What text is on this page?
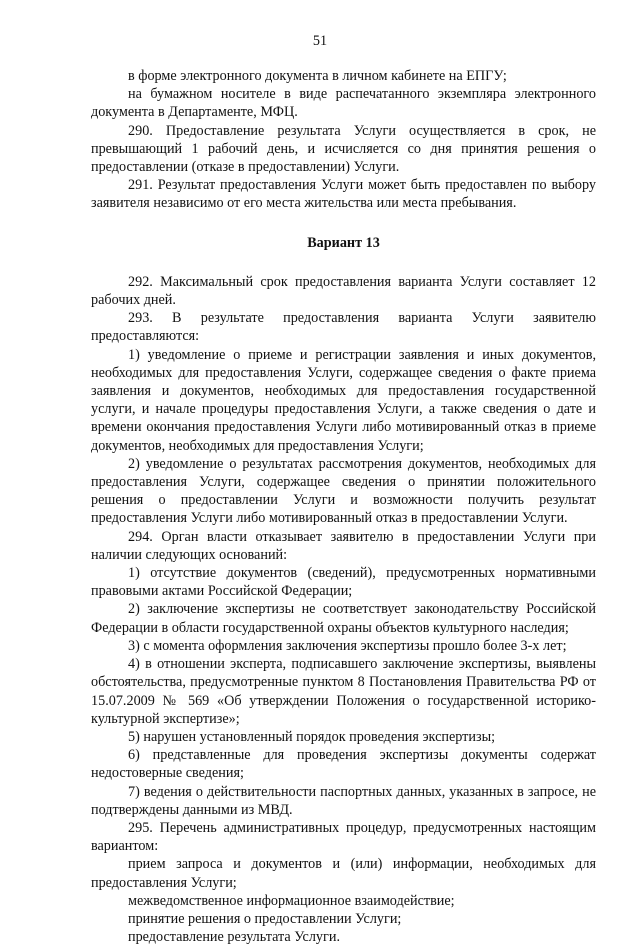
51

в форме электронного документа в личном кабинете на ЕПГУ;

на бумажном носителе в виде распечатанного экземпляра электронного документа в Департаменте, МФЦ.

290. Предоставление результата Услуги осуществляется в срок, не превышающий 1 рабочий день, и исчисляется со дня принятия решения о предоставлении (отказе в предоставлении) Услуги.

291. Результат предоставления Услуги может быть предоставлен по выбору заявителя независимо от его места жительства или места пребывания.

Вариант 13

292. Максимальный срок предоставления варианта Услуги составляет 12 рабочих дней.

293. В результате предоставления варианта Услуги заявителю предоставляются:

1) уведомление о приеме и регистрации заявления и иных документов, необходимых для предоставления Услуги, содержащее сведения о факте приема заявления и документов, необходимых для предоставления государственной услуги, и начале процедуры предоставления Услуги, а также сведения о дате и времени окончания предоставления Услуги либо мотивированный отказ в приеме документов, необходимых для предоставления Услуги;

2) уведомление о результатах рассмотрения документов, необходимых для предоставления Услуги, содержащее сведения о принятии положительного решения о предоставлении Услуги и возможности получить результат предоставления Услуги либо мотивированный отказ в предоставлении Услуги.

294. Орган власти отказывает заявителю в предоставлении Услуги при наличии следующих оснований:

1) отсутствие документов (сведений), предусмотренных нормативными правовыми актами Российской Федерации;

2) заключение экспертизы не соответствует законодательству Российской Федерации в области государственной охраны объектов культурного наследия;

3) с момента оформления заключения экспертизы прошло более 3-х лет;

4) в отношении эксперта, подписавшего заключение экспертизы, выявлены обстоятельства, предусмотренные пунктом 8 Постановления Правительства РФ от 15.07.2009 № 569 «Об утверждении Положения о государственной историко-культурной экспертизе»;

5) нарушен установленный порядок проведения экспертизы;

6) представленные для проведения экспертизы документы содержат недостоверные сведения;

7) ведения о действительности паспортных данных, указанных в запросе, не подтверждены данными из МВД.

295. Перечень административных процедур, предусмотренных настоящим вариантом:

прием запроса и документов и (или) информации, необходимых для предоставления Услуги;

межведомственное информационное взаимодействие;

принятие решения о предоставлении Услуги;

предоставление результата Услуги.
